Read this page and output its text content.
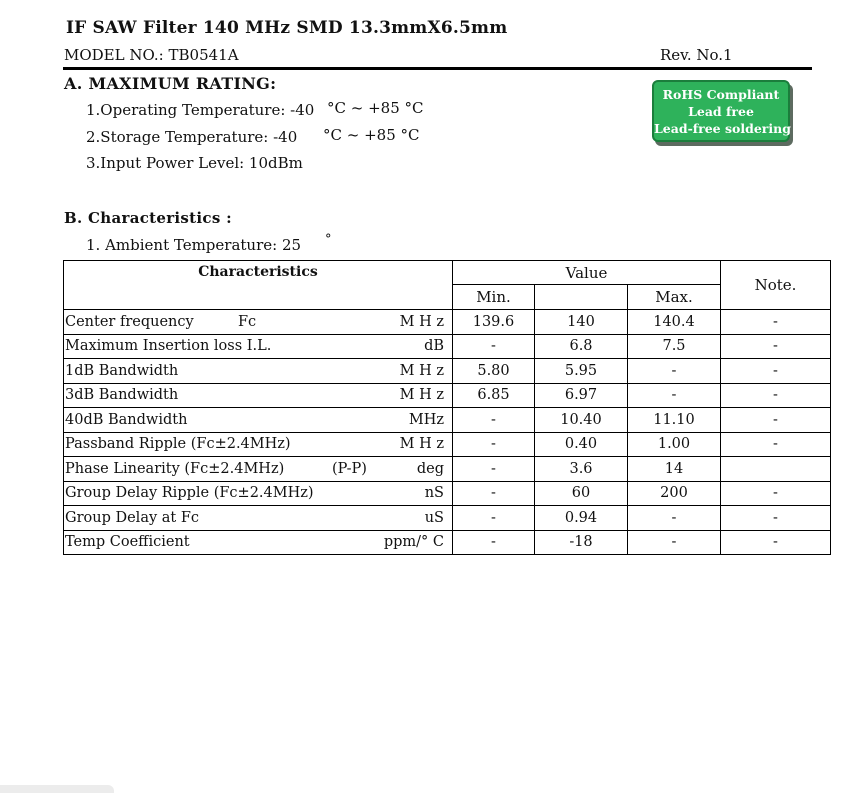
IF SAW Filter 140 MHz SMD 13.3mmX6.5mm
MODEL NO.: TB0541A	Rev. No.1
A. MAXIMUM RATING:
1.Operating Temperature: -40 °C ~ +85 °C
2.Storage Temperature: -40 °C ~ +85 °C
3.Input Power Level: 10dBm
RoHS Compliant
Lead free
Lead-free soldering
B. Characteristics :
1. Ambient Temperature: 25 °
Characteristics	Value			Note.
	Min.		Max.	

Center frequency Fc M H z	139.6	140	140.4	-

Maximum Insertion loss I.L. dB	-	6.8	7.5	-

1dB Bandwidth M H z	5.80	5.95	-	-

3dB Bandwidth M H z	6.85	6.97	-	-

40dB Bandwidth MHz	-	10.40	11.10	-

Passband Ripple (Fc±2.4MHz) M H z	-	0.40	1.00	-

Phase Linearity (Fc±2.4MHz) (P-P) deg	-	3.6	14	

Group Delay Ripple (Fc±2.4MHz) nS	-	60	200	-

Group Delay at Fc uS	-	0.94	-	-

Temp Coefficient ppm/° C	-	-18	-	-
